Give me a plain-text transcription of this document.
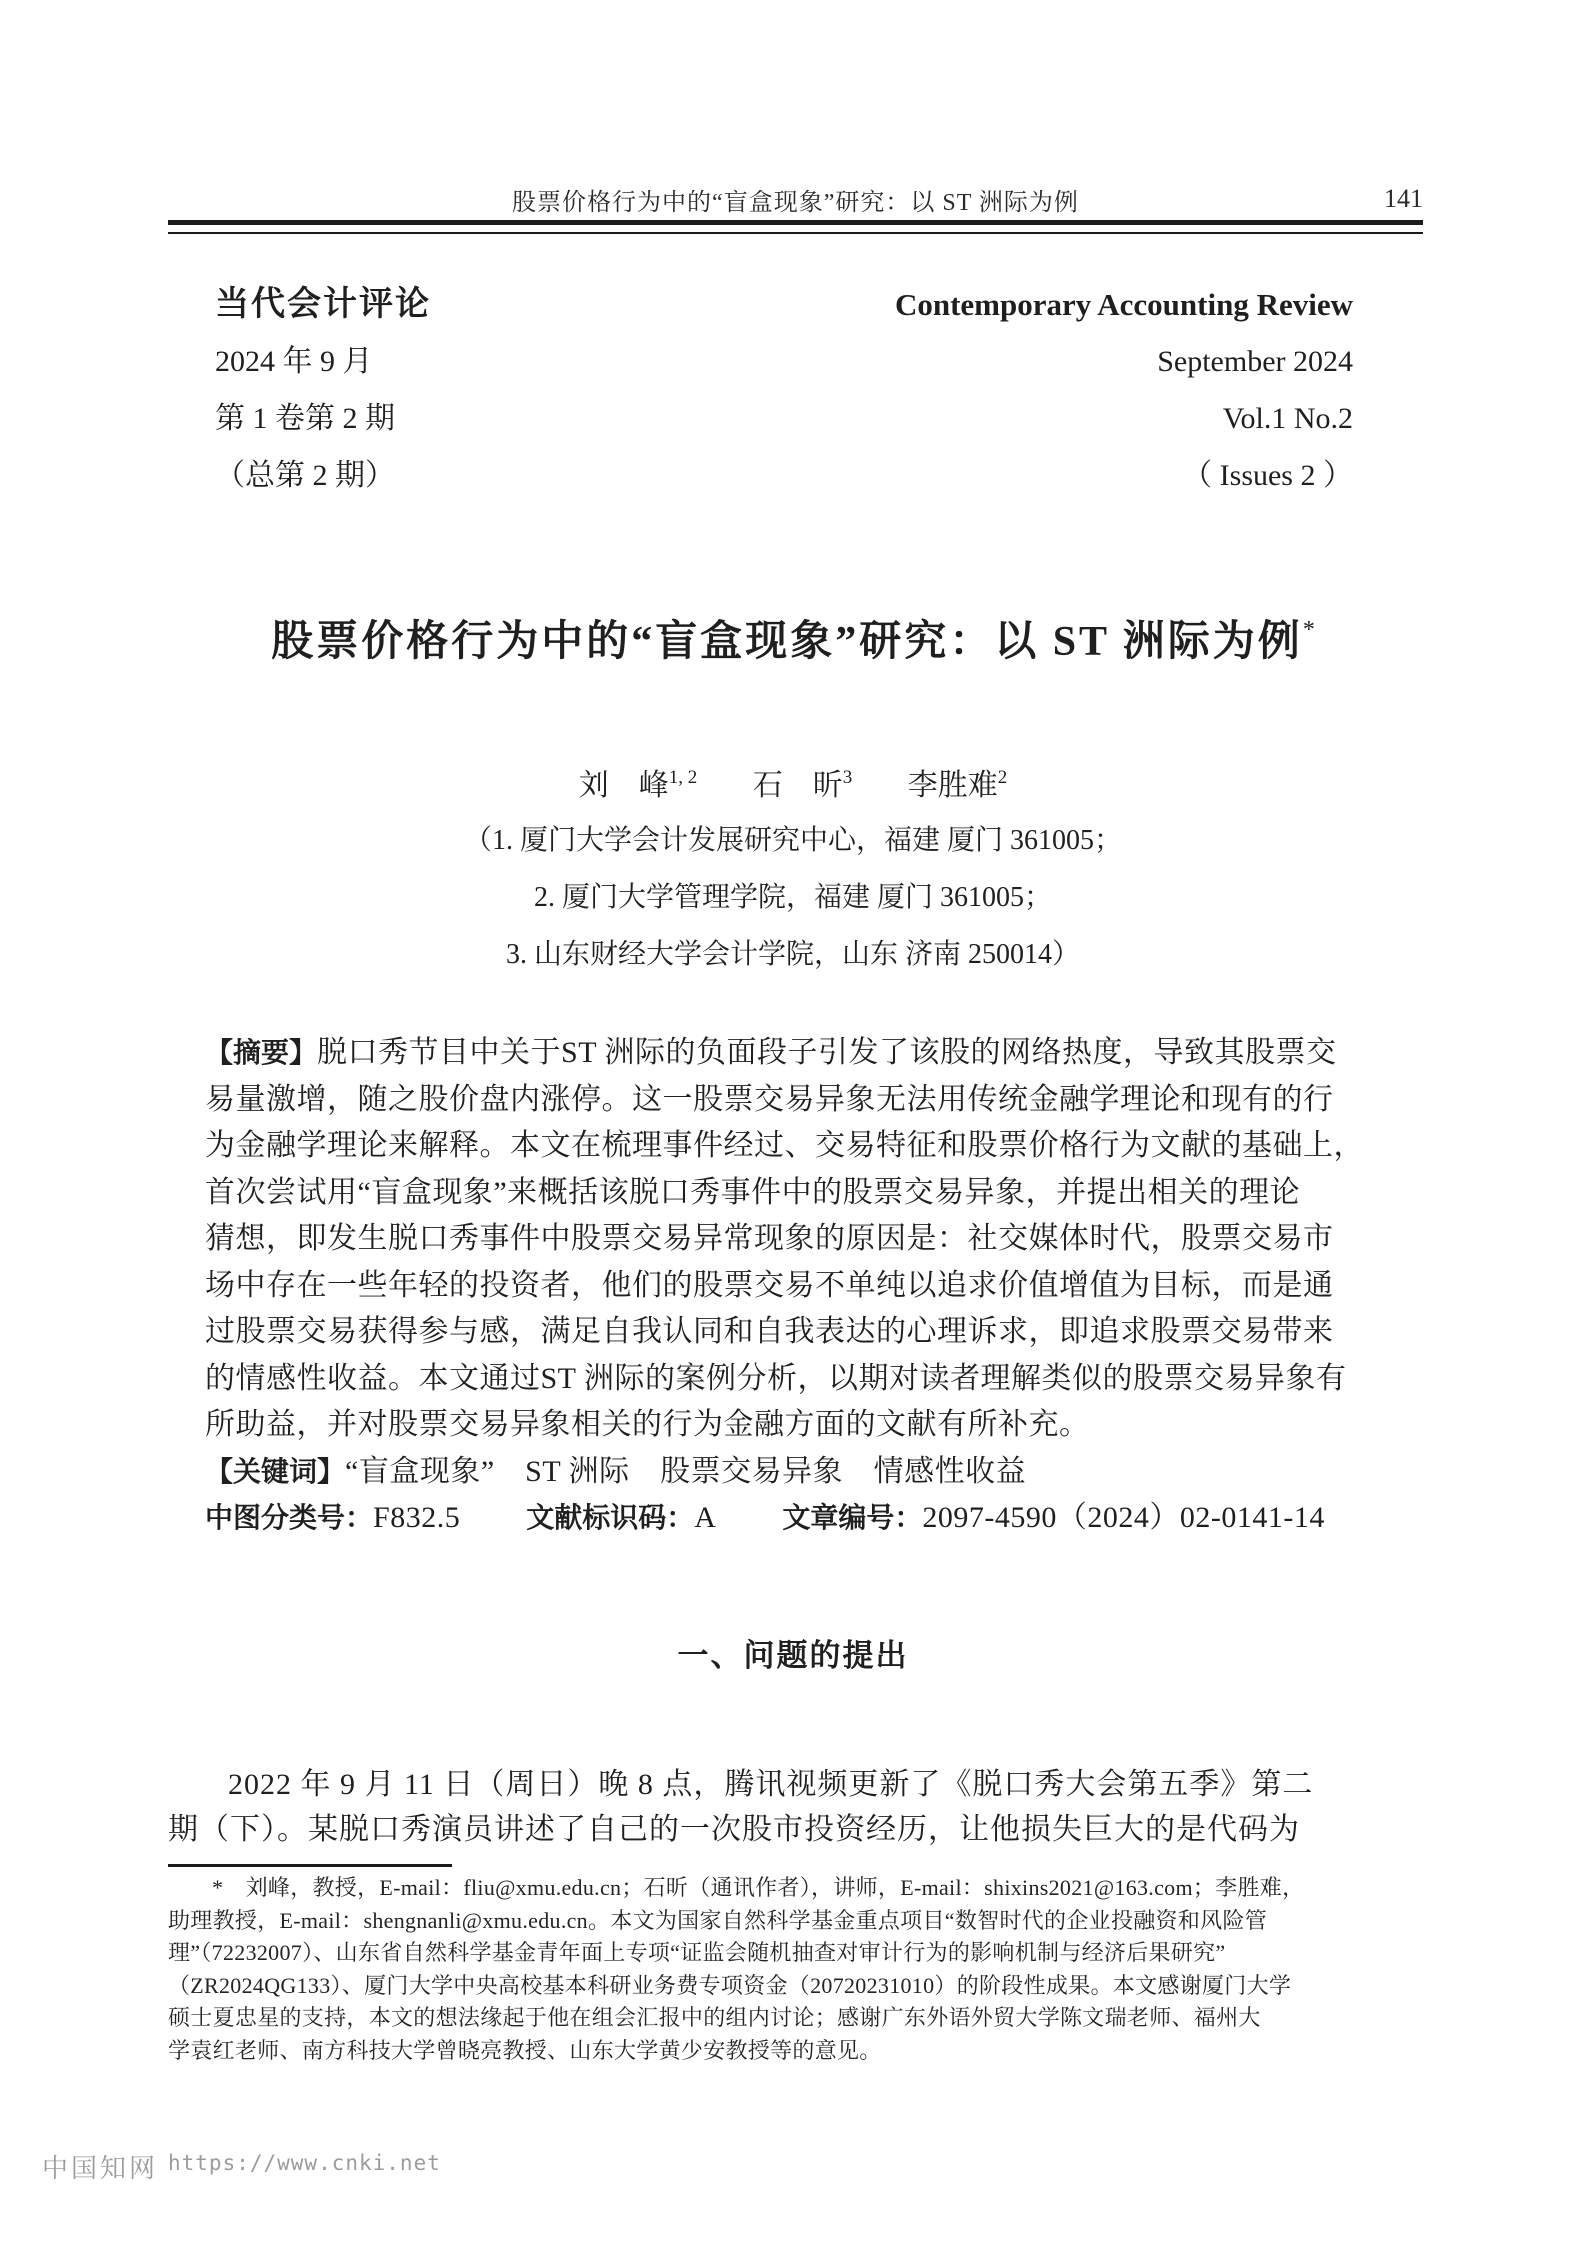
股票价格行为中的“盲盒现象”研究：以 ST 洲际为例	141
当代会计评论
2024 年 9 月
第 1 卷第 2 期
（总第 2 期）
Contemporary Accounting Review
September 2024
Vol.1 No.2
（ Issues 2 ）
股票价格行为中的“盲盒现象”研究：以 ST 洲际为例*
刘　峰$^{1, 2}$ 石　昕$^3$ 李胜难$^2$
（1. 厦门大学会计发展研究中心，福建 厦门 361005；
2. 厦门大学管理学院，福建 厦门 361005；
3. 山东财经大学会计学院，山东 济南 250014）
【摘要】脱口秀节目中关于ST 洲际的负面段子引发了该股的网络热度，导致其股票交
易量激增，随之股价盘内涨停。这一股票交易异象无法用传统金融学理论和现有的行
为金融学理论来解释。本文在梳理事件经过、交易特征和股票价格行为文献的基础上，
首次尝试用“盲盒现象”来概括该脱口秀事件中的股票交易异象，并提出相关的理论
猜想，即发生脱口秀事件中股票交易异常现象的原因是：社交媒体时代，股票交易市
场中存在一些年轻的投资者，他们的股票交易不单纯以追求价值增值为目标，而是通
过股票交易获得参与感，满足自我认同和自我表达的心理诉求，即追求股票交易带来
的情感性收益。本文通过ST 洲际的案例分析，以期对读者理解类似的股票交易异象有
所助益，并对股票交易异象相关的行为金融方面的文献有所补充。
【关键词】“盲盒现象”　ST 洲际　股票交易异象　情感性收益
中图分类号：F832.5 文献标识码：A 文章编号：2097-4590（2024）02-0141-14
一、问题的提出
2022 年 9 月 11 日（周日）晚 8 点，腾讯视频更新了《脱口秀大会第五季》第二
期（下）。某脱口秀演员讲述了自己的一次股市投资经历，让他损失巨大的是代码为
*　刘峰，教授，E-mail：fliu@xmu.edu.cn；石昕（通讯作者），讲师，E-mail：shixins2021@163.com；李胜难，
助理教授，E-mail：shengnanli@xmu.edu.cn。本文为国家自然科学基金重点项目“数智时代的企业投融资和风险管
理”（72232007）、山东省自然科学基金青年面上专项“证监会随机抽查对审计行为的影响机制与经济后果研究”
（ZR2024QG133）、厦门大学中央高校基本科研业务费专项资金（20720231010）的阶段性成果。本文感谢厦门大学
硕士夏忠星的支持，本文的想法缘起于他在组会汇报中的组内讨论；感谢广东外语外贸大学陈文瑞老师、福州大
学袁红老师、南方科技大学曾晓亮教授、山东大学黄少安教授等的意见。
中国知网 https://www.cnki.net
